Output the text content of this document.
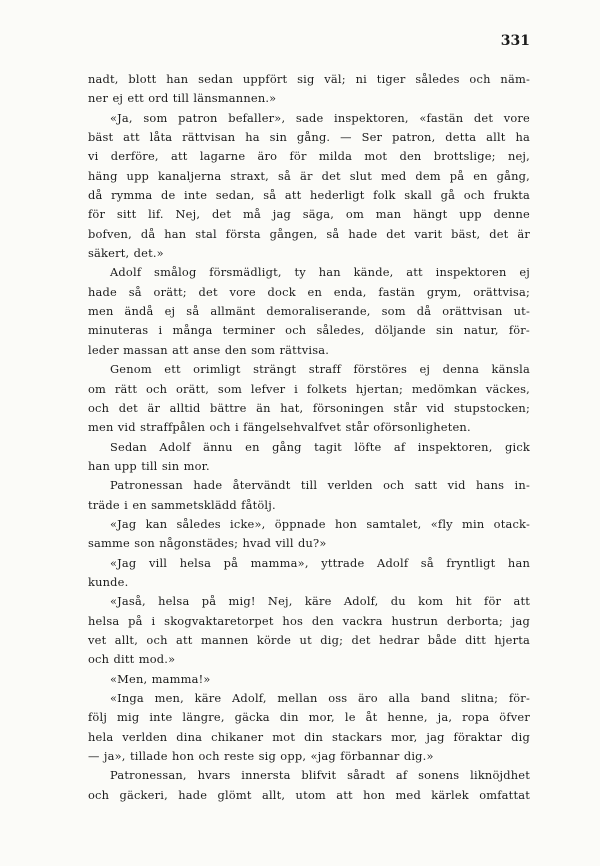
331

nadt, blott han sedan uppfört sig väl; ni tiger således och näm-

ner ej ett ord till länsmannen.»

«Ja, som patron befaller», sade inspektoren, «fastän det vore

bäst att låta rättvisan ha sin gång. — Ser patron, detta allt ha

vi derföre, att lagarne äro för milda mot den brottslige; nej,

häng upp kanaljerna straxt, så är det slut med dem på en gång,

då rymma de inte sedan, så att hederligt folk skall gå och frukta

för sitt lif. Nej, det må jag säga, om man hängt upp denne

bofven, då han stal första gången, så hade det varit bäst, det är

säkert, det.»

Adolf smålog försmädligt, ty han kände, att inspektoren ej

hade så orätt; det vore dock en enda, fastän grym, orättvisa;

men ändå ej så allmänt demoraliserande, som då orättvisan ut-

minuteras i många terminer och således, döljande sin natur, för-

leder massan att anse den som rättvisa.

Genom ett orimligt strängt straff förstöres ej denna känsla

om rätt och orätt, som lefver i folkets hjertan; medömkan väckes,

och det är alltid bättre än hat, försoningen står vid stupstocken;

men vid straffpålen och i fängelsehvalfvet står oförsonligheten.

Sedan Adolf ännu en gång tagit löfte af inspektoren, gick

han upp till sin mor.

Patronessan hade återvändt till verlden och satt vid hans in-

träde i en sammetsklädd fåtölj.

«Jag kan således icke», öppnade hon samtalet, «fly min otack-

samme son någonstädes; hvad vill du?»

«Jag vill helsa på mamma», yttrade Adolf så fryntligt han

kunde.

«Jaså, helsa på mig! Nej, käre Adolf, du kom hit för att

helsa på i skogvaktaretorpet hos den vackra hustrun derborta; jag

vet allt, och att mannen körde ut dig; det hedrar både ditt hjerta

och ditt mod.»

«Men, mamma!»

«Inga men, käre Adolf, mellan oss äro alla band slitna; för-

följ mig inte längre, gäcka din mor, le åt henne, ja, ropa öfver

hela verlden dina chikaner mot din stackars mor, jag föraktar dig

— ja», tillade hon och reste sig opp, «jag förbannar dig.»

Patronessan, hvars innersta blifvit såradt af sonens liknöjdhet

och gäckeri, hade glömt allt, utom att hon med kärlek omfattat
